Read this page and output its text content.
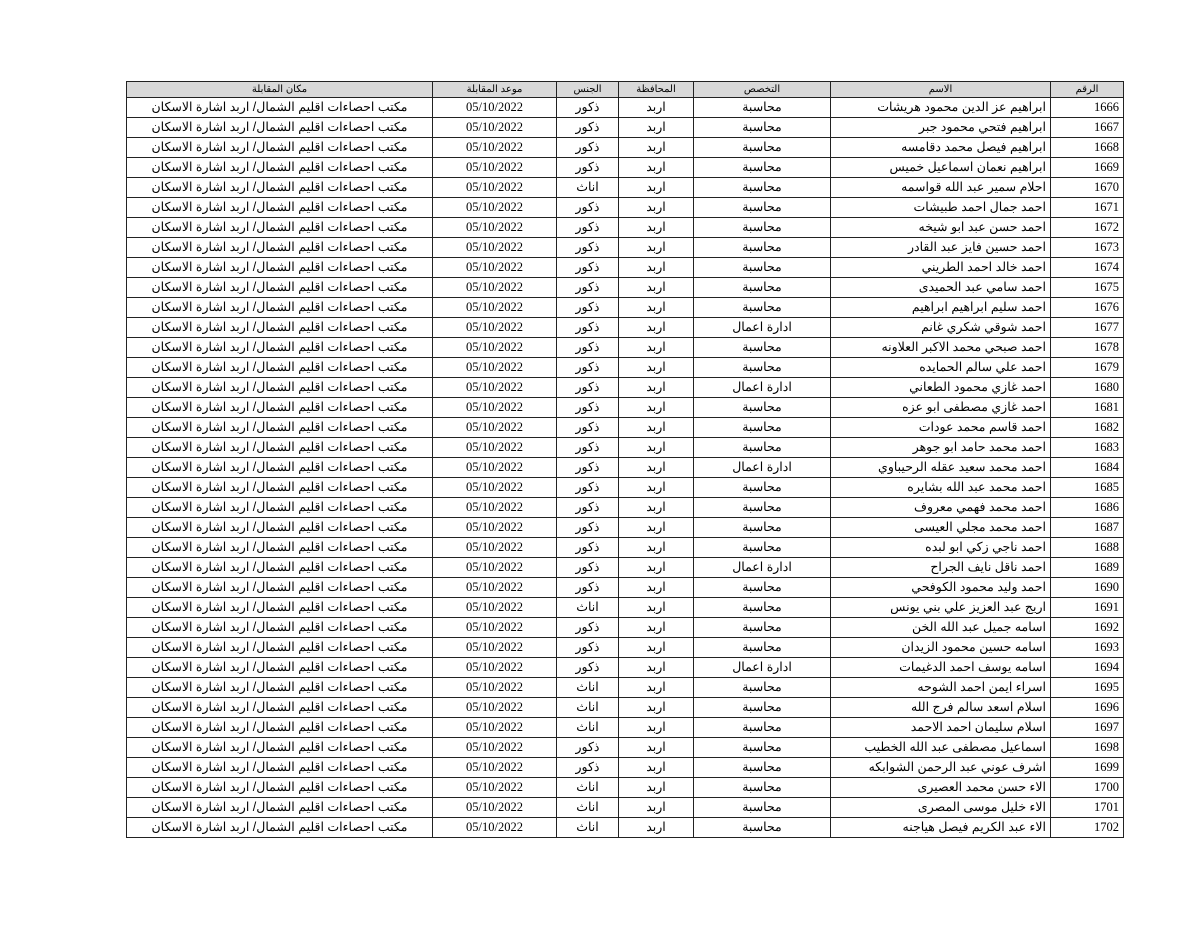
الرقم	الاسم	التخصص	المحافظة	الجنس	موعد المقابلة	مكان المقابلة
1666	ابراهيم عز الدين محمود هريشات	محاسبة	اربد	ذكور	05/10/2022	مكتب احصاءات اقليم الشمال/ اربد اشارة الاسكان
1667	ابراهيم فتحي محمود جبر	محاسبة	اربد	ذكور	05/10/2022	مكتب احصاءات اقليم الشمال/ اربد اشارة الاسكان
1668	ابراهيم فيصل محمد دقامسه	محاسبة	اربد	ذكور	05/10/2022	مكتب احصاءات اقليم الشمال/ اربد اشارة الاسكان
1669	ابراهيم نعمان اسماعيل خميس	محاسبة	اربد	ذكور	05/10/2022	مكتب احصاءات اقليم الشمال/ اربد اشارة الاسكان
1670	احلام سمير عبد الله قواسمه	محاسبة	اربد	اناث	05/10/2022	مكتب احصاءات اقليم الشمال/ اربد اشارة الاسكان
1671	احمد جمال احمد طبيشات	محاسبة	اربد	ذكور	05/10/2022	مكتب احصاءات اقليم الشمال/ اربد اشارة الاسكان
1672	احمد حسن عبد ابو شيخه	محاسبة	اربد	ذكور	05/10/2022	مكتب احصاءات اقليم الشمال/ اربد اشارة الاسكان
1673	احمد حسين فايز عبد القادر	محاسبة	اربد	ذكور	05/10/2022	مكتب احصاءات اقليم الشمال/ اربد اشارة الاسكان
1674	احمد خالد احمد الطريني	محاسبة	اربد	ذكور	05/10/2022	مكتب احصاءات اقليم الشمال/ اربد اشارة الاسكان
1675	احمد سامي عبد الحميدى	محاسبة	اربد	ذكور	05/10/2022	مكتب احصاءات اقليم الشمال/ اربد اشارة الاسكان
1676	احمد سليم ابراهيم ابراهيم	محاسبة	اربد	ذكور	05/10/2022	مكتب احصاءات اقليم الشمال/ اربد اشارة الاسكان
1677	احمد شوقي شكري غانم	ادارة اعمال	اربد	ذكور	05/10/2022	مكتب احصاءات اقليم الشمال/ اربد اشارة الاسكان
1678	احمد صبحي محمد الاكبر العلاونه	محاسبة	اربد	ذكور	05/10/2022	مكتب احصاءات اقليم الشمال/ اربد اشارة الاسكان
1679	احمد علي سالم الحمايده	محاسبة	اربد	ذكور	05/10/2022	مكتب احصاءات اقليم الشمال/ اربد اشارة الاسكان
1680	احمد غازي محمود الطعاني	ادارة اعمال	اربد	ذكور	05/10/2022	مكتب احصاءات اقليم الشمال/ اربد اشارة الاسكان
1681	احمد غازي مصطفى ابو عزه	محاسبة	اربد	ذكور	05/10/2022	مكتب احصاءات اقليم الشمال/ اربد اشارة الاسكان
1682	احمد قاسم محمد عودات	محاسبة	اربد	ذكور	05/10/2022	مكتب احصاءات اقليم الشمال/ اربد اشارة الاسكان
1683	احمد محمد حامد ابو جوهر	محاسبة	اربد	ذكور	05/10/2022	مكتب احصاءات اقليم الشمال/ اربد اشارة الاسكان
1684	احمد محمد سعيد عقله الرحيباوي	ادارة اعمال	اربد	ذكور	05/10/2022	مكتب احصاءات اقليم الشمال/ اربد اشارة الاسكان
1685	احمد محمد عبد الله بشايره	محاسبة	اربد	ذكور	05/10/2022	مكتب احصاءات اقليم الشمال/ اربد اشارة الاسكان
1686	احمد محمد فهمي معروف	محاسبة	اربد	ذكور	05/10/2022	مكتب احصاءات اقليم الشمال/ اربد اشارة الاسكان
1687	احمد محمد مجلي العيسى	محاسبة	اربد	ذكور	05/10/2022	مكتب احصاءات اقليم الشمال/ اربد اشارة الاسكان
1688	احمد ناجي زكي ابو لبده	محاسبة	اربد	ذكور	05/10/2022	مكتب احصاءات اقليم الشمال/ اربد اشارة الاسكان
1689	احمد ناقل نايف الجراح	ادارة اعمال	اربد	ذكور	05/10/2022	مكتب احصاءات اقليم الشمال/ اربد اشارة الاسكان
1690	احمد وليد محمود الكوفحي	محاسبة	اربد	ذكور	05/10/2022	مكتب احصاءات اقليم الشمال/ اربد اشارة الاسكان
1691	اريج عبد العزيز علي بني يونس	محاسبة	اربد	اناث	05/10/2022	مكتب احصاءات اقليم الشمال/ اربد اشارة الاسكان
1692	اسامه جميل عبد الله الخن	محاسبة	اربد	ذكور	05/10/2022	مكتب احصاءات اقليم الشمال/ اربد اشارة الاسكان
1693	اسامه حسين محمود الزيدان	محاسبة	اربد	ذكور	05/10/2022	مكتب احصاءات اقليم الشمال/ اربد اشارة الاسكان
1694	اسامه يوسف احمد الدغيمات	ادارة اعمال	اربد	ذكور	05/10/2022	مكتب احصاءات اقليم الشمال/ اربد اشارة الاسكان
1695	اسراء ايمن احمد الشوحه	محاسبة	اربد	اناث	05/10/2022	مكتب احصاءات اقليم الشمال/ اربد اشارة الاسكان
1696	اسلام اسعد سالم فرج الله	محاسبة	اربد	اناث	05/10/2022	مكتب احصاءات اقليم الشمال/ اربد اشارة الاسكان
1697	اسلام سليمان احمد الاحمد	محاسبة	اربد	اناث	05/10/2022	مكتب احصاءات اقليم الشمال/ اربد اشارة الاسكان
1698	اسماعيل مصطفى عبد الله الخطيب	محاسبة	اربد	ذكور	05/10/2022	مكتب احصاءات اقليم الشمال/ اربد اشارة الاسكان
1699	اشرف عوني عبد الرحمن الشوابكه	محاسبة	اربد	ذكور	05/10/2022	مكتب احصاءات اقليم الشمال/ اربد اشارة الاسكان
1700	الاء حسن محمد العصيرى	محاسبة	اربد	اناث	05/10/2022	مكتب احصاءات اقليم الشمال/ اربد اشارة الاسكان
1701	الاء خليل موسى المصرى	محاسبة	اربد	اناث	05/10/2022	مكتب احصاءات اقليم الشمال/ اربد اشارة الاسكان
1702	الاء عبد الكريم فيصل هياجنه	محاسبة	اربد	اناث	05/10/2022	مكتب احصاءات اقليم الشمال/ اربد اشارة الاسكان
